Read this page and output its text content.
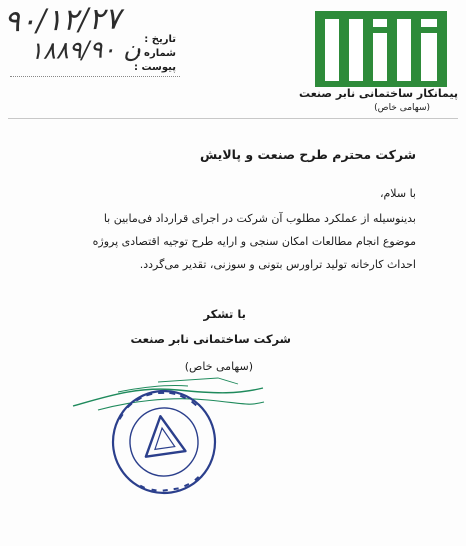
۹۰/۱۲/۲۷
ن ۱۸۸۹/۹۰ تاریخ :
شماره :
پیوست :
پیمانکار ساختمانی نابر صنعت
(سهامی خاص)
شرکت محترم طرح صنعت و پالایش
با سلام،
بدینوسیله از عملکرد مطلوب آن شرکت در اجرای قرارداد فی‌مابین با
موضوع انجام مطالعات امکان سنجی و ارایه طرح توجیه اقتصادی پروژه
احداث کارخانه تولید تراورس بتونی و سوزنی، تقدیر می‌گردد.
با تشکر
شرکت ساختمانی نابر صنعت
(سهامی خاص)
